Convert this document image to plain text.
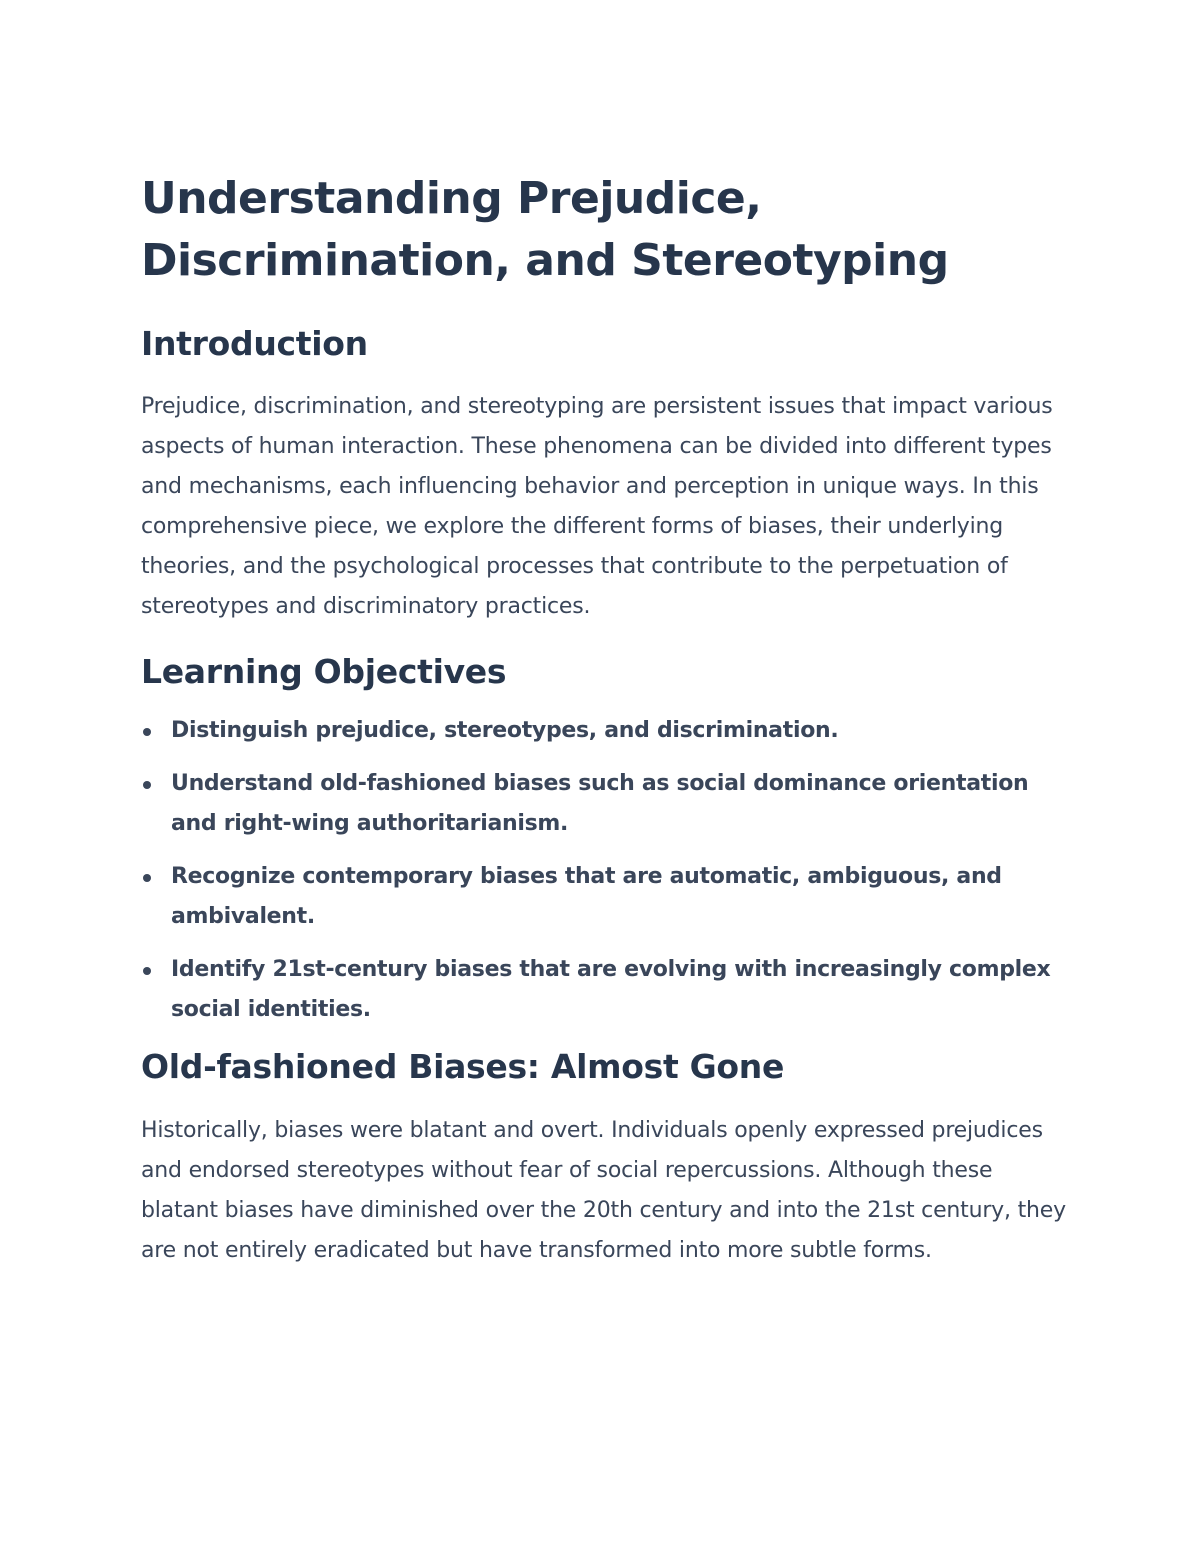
Understanding Prejudice, Discrimination, and Stereotyping
Introduction

Prejudice, discrimination, and stereotyping are persistent issues that impact various aspects of human interaction. These phenomena can be divided into different types and mechanisms, each influencing behavior and perception in unique ways. In this comprehensive piece, we explore the different forms of biases, their underlying theories, and the psychological processes that contribute to the perpetuation of stereotypes and discriminatory practices.

Learning Objectives
Distinguish prejudice, stereotypes, and discrimination.
Understand old-fashioned biases such as social dominance orientation and right-wing authoritarianism.
Recognize contemporary biases that are automatic, ambiguous, and ambivalent.
Identify 21st-century biases that are evolving with increasingly complex social identities.
Old-fashioned Biases: Almost Gone

Historically, biases were blatant and overt. Individuals openly expressed prejudices and endorsed stereotypes without fear of social repercussions. Although these blatant biases have diminished over the 20th century and into the 21st century, they are not entirely eradicated but have transformed into more subtle forms.
